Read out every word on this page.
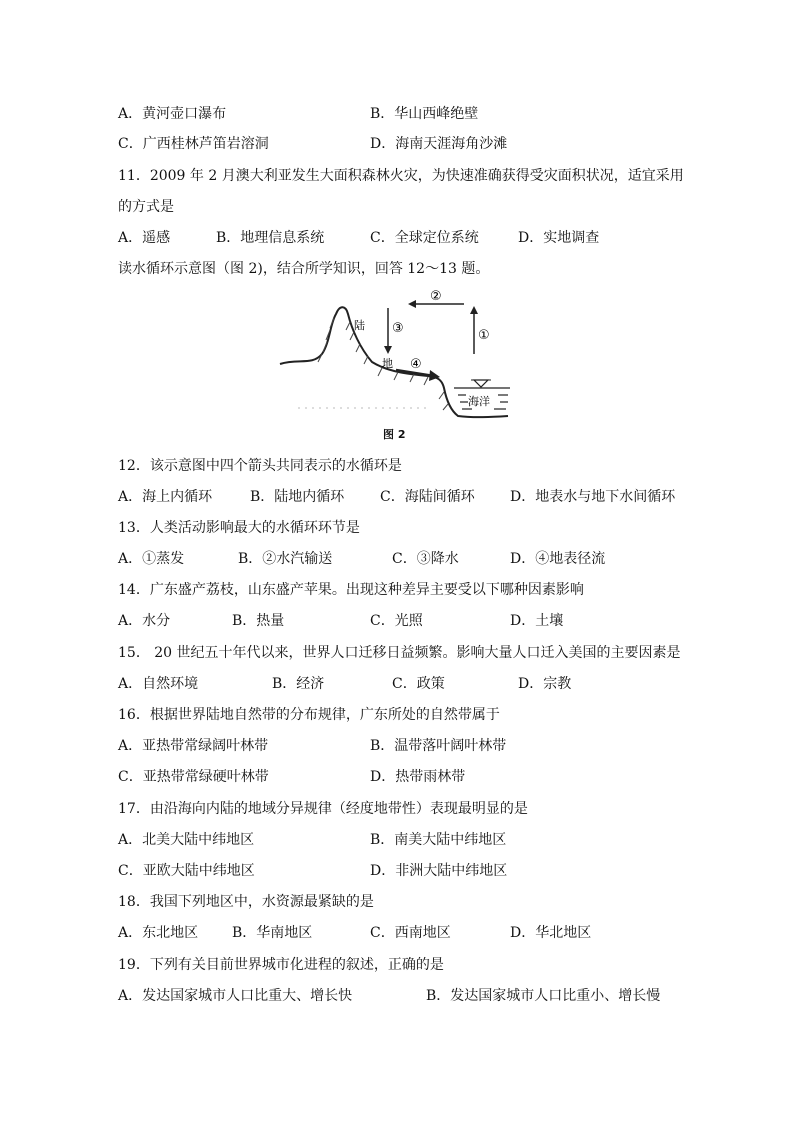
A．黄河壶口瀑布	B．华山西峰绝壁
C．广西桂林芦笛岩溶洞	D．海南天涯海角沙滩
11．2009 年 2 月澳大利亚发生大面积森林火灾，为快速准确获得受灾面积状况，适宜采用
的方式是
A．遥感	B．地理信息系统	C．全球定位系统	D．实地调查
读水循环示意图（图 2)，结合所学知识，回答 12～13 题。
陆
地
海洋
①
②
③
④
图 2
12．该示意图中四个箭头共同表示的水循环是
A．海上内循环	B．陆地内循环	C．海陆间循环	D．地表水与地下水间循环
13．人类活动影响最大的水循环环节是
A．①蒸发	B．②水汽输送	C．③降水	D．④地表径流
14．广东盛产荔枝，山东盛产苹果。出现这种差异主要受以下哪种因素影响
A．水分	B．热量	C．光照	D．土壤
15． 20 世纪五十年代以来，世界人口迁移日益频繁。影响大量人口迁入美国的主要因素是
A．自然环境	B．经济	C．政策	D．宗教
16．根据世界陆地自然带的分布规律，广东所处的自然带属于
A．亚热带常绿阔叶林带	B．温带落叶阔叶林带
C．亚热带常绿硬叶林带	D．热带雨林带
17．由沿海向内陆的地域分异规律（经度地带性）表现最明显的是
A．北美大陆中纬地区	B．南美大陆中纬地区
C．亚欧大陆中纬地区	D．非洲大陆中纬地区
18．我国下列地区中，水资源最紧缺的是
A．东北地区 B．华南地区	C．西南地区	D．华北地区
19．下列有关目前世界城市化进程的叙述，正确的是
A．发达国家城市人口比重大、增长快	B．发达国家城市人口比重小、增长慢
